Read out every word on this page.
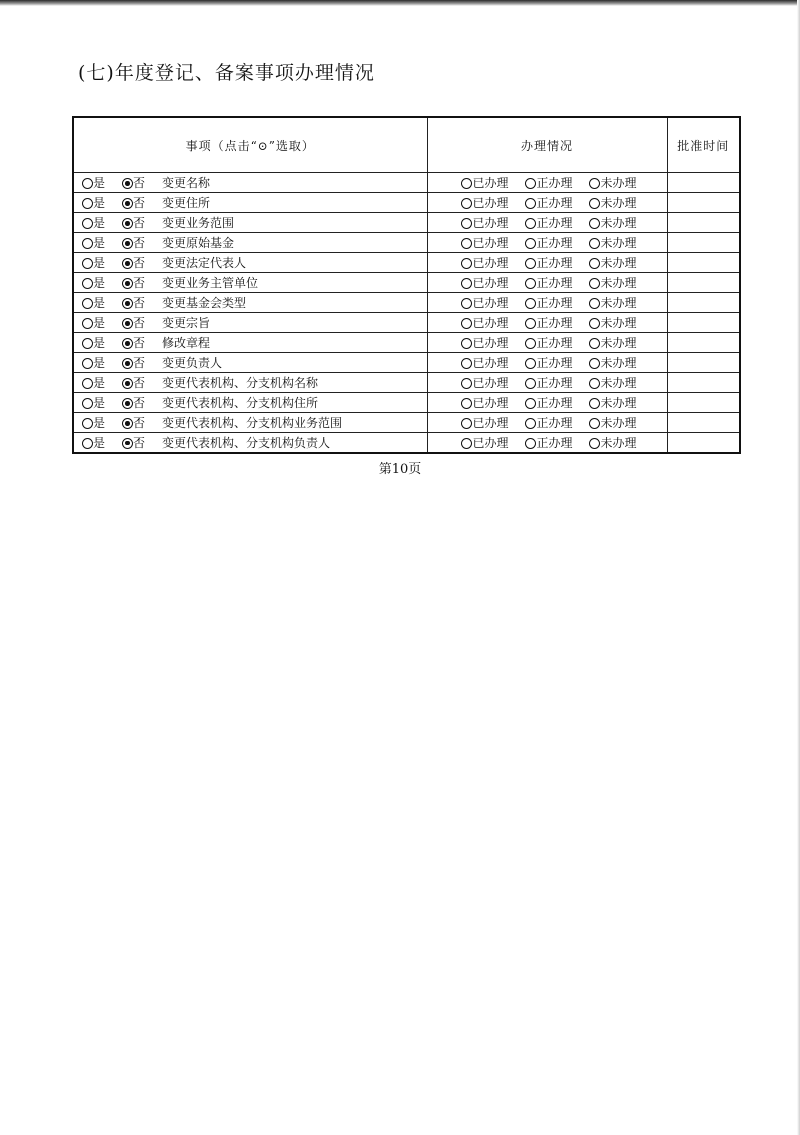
(七)年度登记、备案事项办理情况
事项（点击“⊙”选取）	办理情况	批准时间
是 否 变更名称	已办理 正办理 未办理	
是 否 变更住所	已办理 正办理 未办理	
是 否 变更业务范围	已办理 正办理 未办理	
是 否 变更原始基金	已办理 正办理 未办理	
是 否 变更法定代表人	已办理 正办理 未办理	
是 否 变更业务主管单位	已办理 正办理 未办理	
是 否 变更基金会类型	已办理 正办理 未办理	
是 否 变更宗旨	已办理 正办理 未办理	
是 否 修改章程	已办理 正办理 未办理	
是 否 变更负责人	已办理 正办理 未办理	
是 否 变更代表机构、分支机构名称	已办理 正办理 未办理	
是 否 变更代表机构、分支机构住所	已办理 正办理 未办理	
是 否 变更代表机构、分支机构业务范围	已办理 正办理 未办理	
是 否 变更代表机构、分支机构负责人	已办理 正办理 未办理	
第10页
